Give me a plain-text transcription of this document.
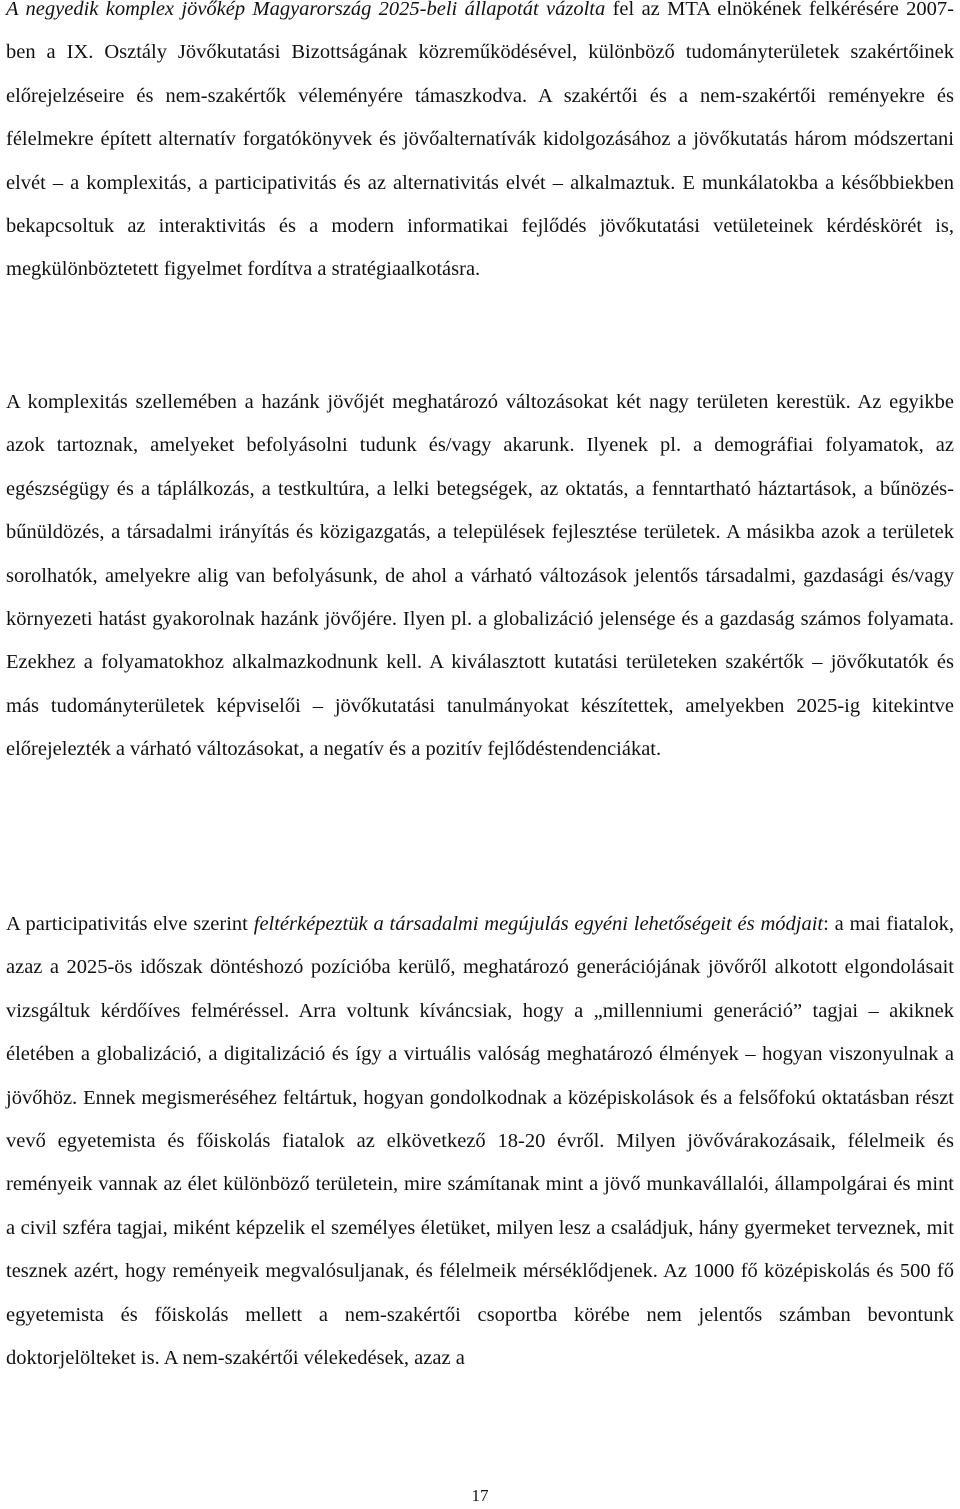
A negyedik komplex jövőkép Magyarország 2025-beli állapotát vázolta fel az MTA elnökének felkérésére 2007-ben a IX. Osztály Jövőkutatási Bizottságának közreműködésével, különböző tudományterületek szakértőinek előrejelzéseire és nem-szakértők véleményére támaszkodva. A szakértői és a nem-szakértői reményekre és félelmekre épített alternatív forgatókönyvek és jövőalternatívák kidolgozásához a jövőkutatás három módszertani elvét – a komplexitás, a participativitás és az alternativitás elvét – alkalmaztuk. E munkálatokba a későbbiekben bekapcsoltuk az interaktivitás és a modern informatikai fejlődés jövőkutatási vetületeinek kérdéskörét is, megkülönböztetett figyelmet fordítva a stratégiaalkotásra.

A komplexitás szellemében a hazánk jövőjét meghatározó változásokat két nagy területen kerestük. Az egyikbe azok tartoznak, amelyeket befolyásolni tudunk és/vagy akarunk. Ilyenek pl. a demográfiai folyamatok, az egészségügy és a táplálkozás, a testkultúra, a lelki betegségek, az oktatás, a fenntartható háztartások, a bűnözés-bűnüldözés, a társadalmi irányítás és közigazgatás, a települések fejlesztése területek. A másikba azok a területek sorolhatók, amelyekre alig van befolyásunk, de ahol a várható változások jelentős társadalmi, gazdasági és/vagy környezeti hatást gyakorolnak hazánk jövőjére. Ilyen pl. a globalizáció jelensége és a gazdaság számos folyamata. Ezekhez a folyamatokhoz alkalmazkodnunk kell. A kiválasztott kutatási területeken szakértők – jövőkutatók és más tudományterületek képviselői – jövőkutatási tanulmányokat készítettek, amelyekben 2025-ig kitekintve előrejelezték a várható változásokat, a negatív és a pozitív fejlődéstendenciákat.

A participativitás elve szerint feltérképeztük a társadalmi megújulás egyéni lehetőségeit és módjait: a mai fiatalok, azaz a 2025-ös időszak döntéshozó pozícióba kerülő, meghatározó generációjának jövőről alkotott elgondolásait vizsgáltuk kérdőíves felméréssel. Arra voltunk kíváncsiak, hogy a „millenniumi generáció” tagjai – akiknek életében a globalizáció, a digitalizáció és így a virtuális valóság meghatározó élmények – hogyan viszonyulnak a jövőhöz. Ennek megismeréséhez feltártuk, hogyan gondolkodnak a középiskolások és a felsőfokú oktatásban részt vevő egyetemista és főiskolás fiatalok az elkövetkező 18-20 évről. Milyen jövővárakozásaik, félelmeik és reményeik vannak az élet különböző területein, mire számítanak mint a jövő munkavállalói, állampolgárai és mint a civil szféra tagjai, miként képzelik el személyes életüket, milyen lesz a családjuk, hány gyermeket terveznek, mit tesznek azért, hogy reményeik megvalósuljanak, és félelmeik mérséklődjenek. Az 1000 fő középiskolás és 500 fő egyetemista és főiskolás mellett a nem-szakértői csoportba körébe nem jelentős számban bevontunk doktorjelölteket is. A nem-szakértői vélekedések, azaz a

17
